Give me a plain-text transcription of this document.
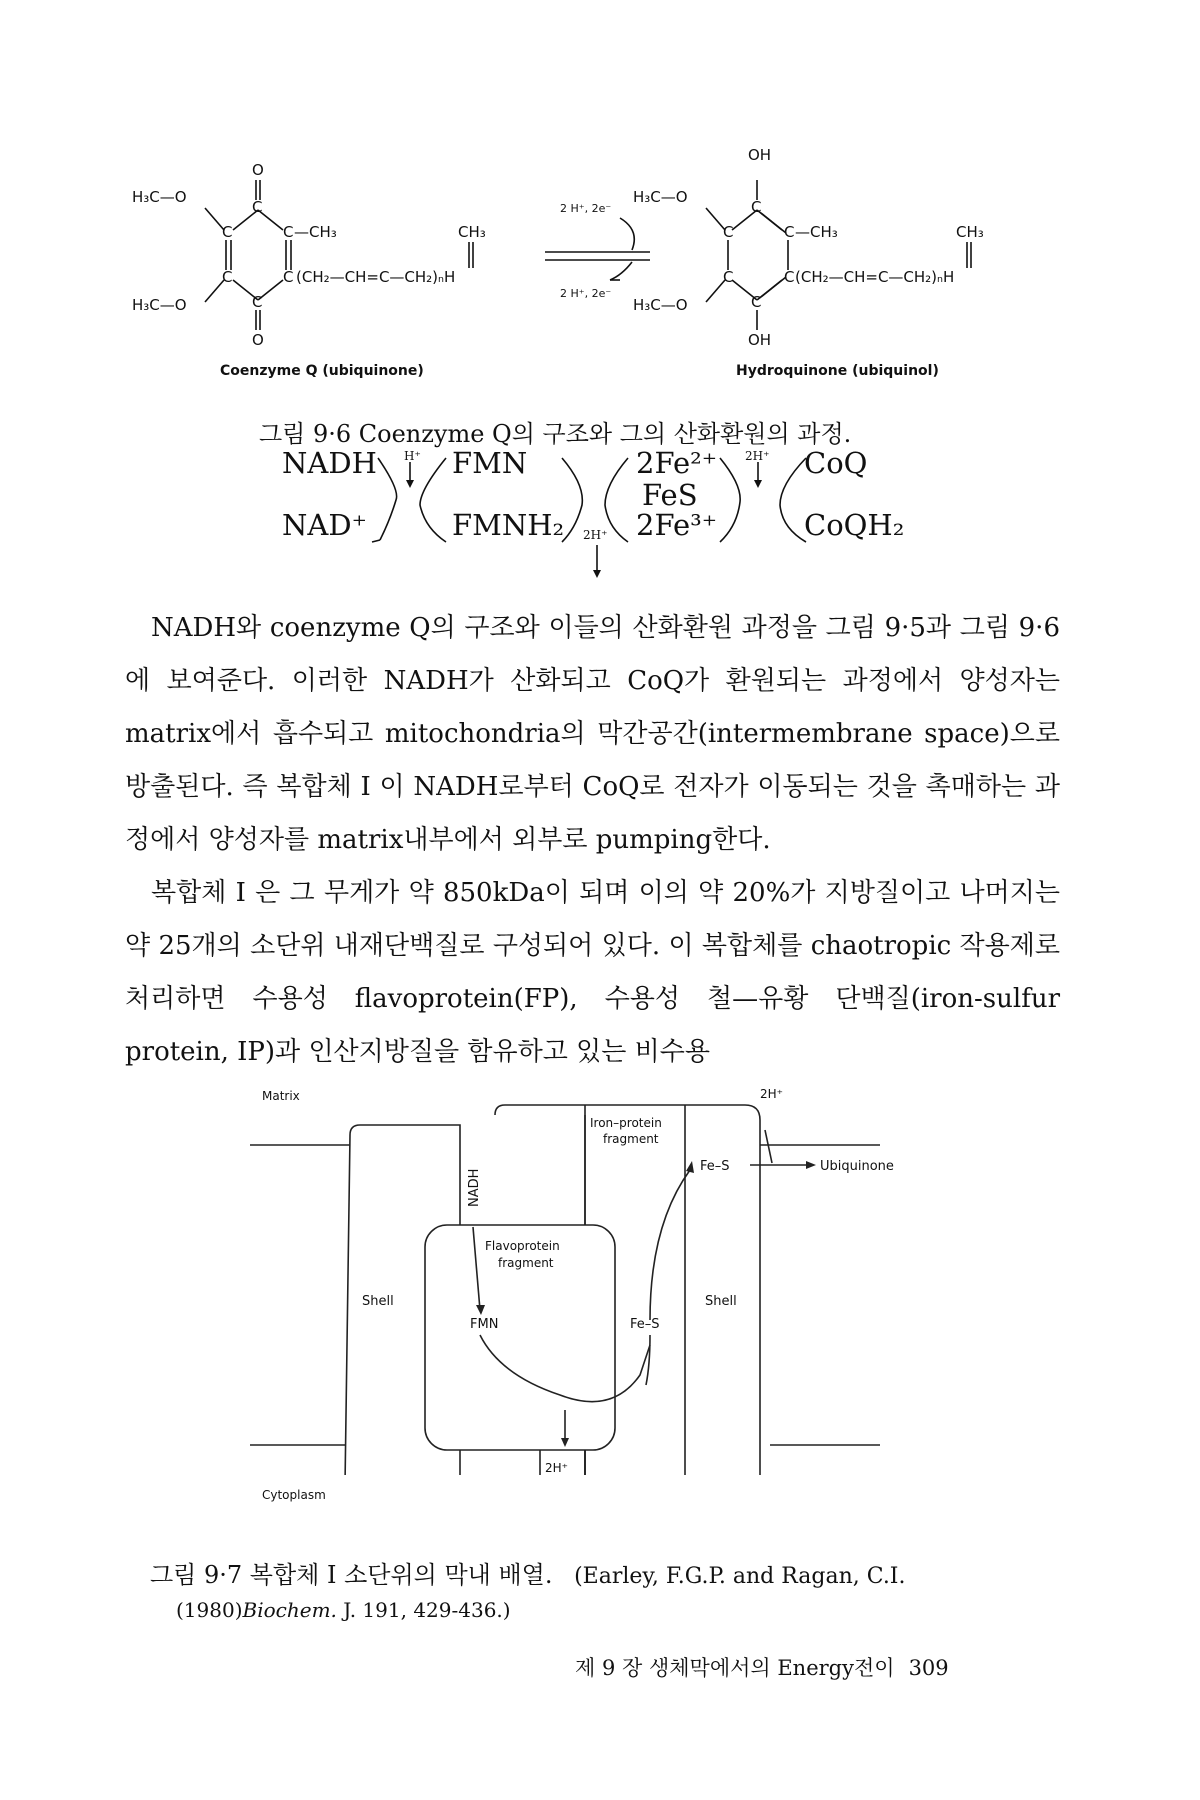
O
H₃C—O
C
C	C —CH₃	CH₃
C	C (CH₂—CH=C—CH₂)ₙH
H₃C—O	C
O
Coenzyme Q (ubiquinone)
2 H⁺, 2e⁻
2 H⁺, 2e⁻
OH
H₃C—O
C
C	C —CH₃	CH₃
C	C (CH₂—CH=C—CH₂)ₙH
H₃C—O	C
OH
Hydroquinone (ubiquinol)
그림 9·6 Coenzyme Q의 구조와 그의 산화환원의 과정.
NADH
NAD⁺
H⁺ FMN
FMNH₂ 2H⁺
2Fe²⁺
FeS
2Fe³⁺
2H⁺ CoQ
CoQH₂

NADH와 coenzyme Q의 구조와 이들의 산화환원 과정을 그림 9·5과 그림 9·6에 보여준다. 이러한 NADH가 산화되고 CoQ가 환원되는 과정에서 양성자는 matrix에서 흡수되고 mitochondria의 막간공간(intermembrane space)으로 방출된다. 즉 복합체 I 이 NADH로부터 CoQ로 전자가 이동되는 것을 촉매하는 과정에서 양성자를 matrix내부에서 외부로 pumping한다.

복합체 I 은 그 무게가 약 850kDa이 되며 이의 약 20%가 지방질이고 나머지는 약 25개의 소단위 내재단백질로 구성되어 있다. 이 복합체를 chaotropic 작용제로 처리하면 수용성 flavoprotein(FP), 수용성 철—유황 단백질(iron-sulfur protein, IP)과 인산지방질을 함유하고 있는 비수용

Matrix	2H⁺
Iron–protein
fragment
Fe–S	Ubiquinone
NADH
Flavoprotein
fragment
Shell	Shell
FMN	Fe–S
2H⁺
Cytoplasm
그림 9·7 복합체 I 소단위의 막내 배열. (Earley, F.G.P. and Ragan, C.I.
(1980)Biochem. J. 191, 429-436.)
제 9 장 생체막에서의 Energy전이 309
